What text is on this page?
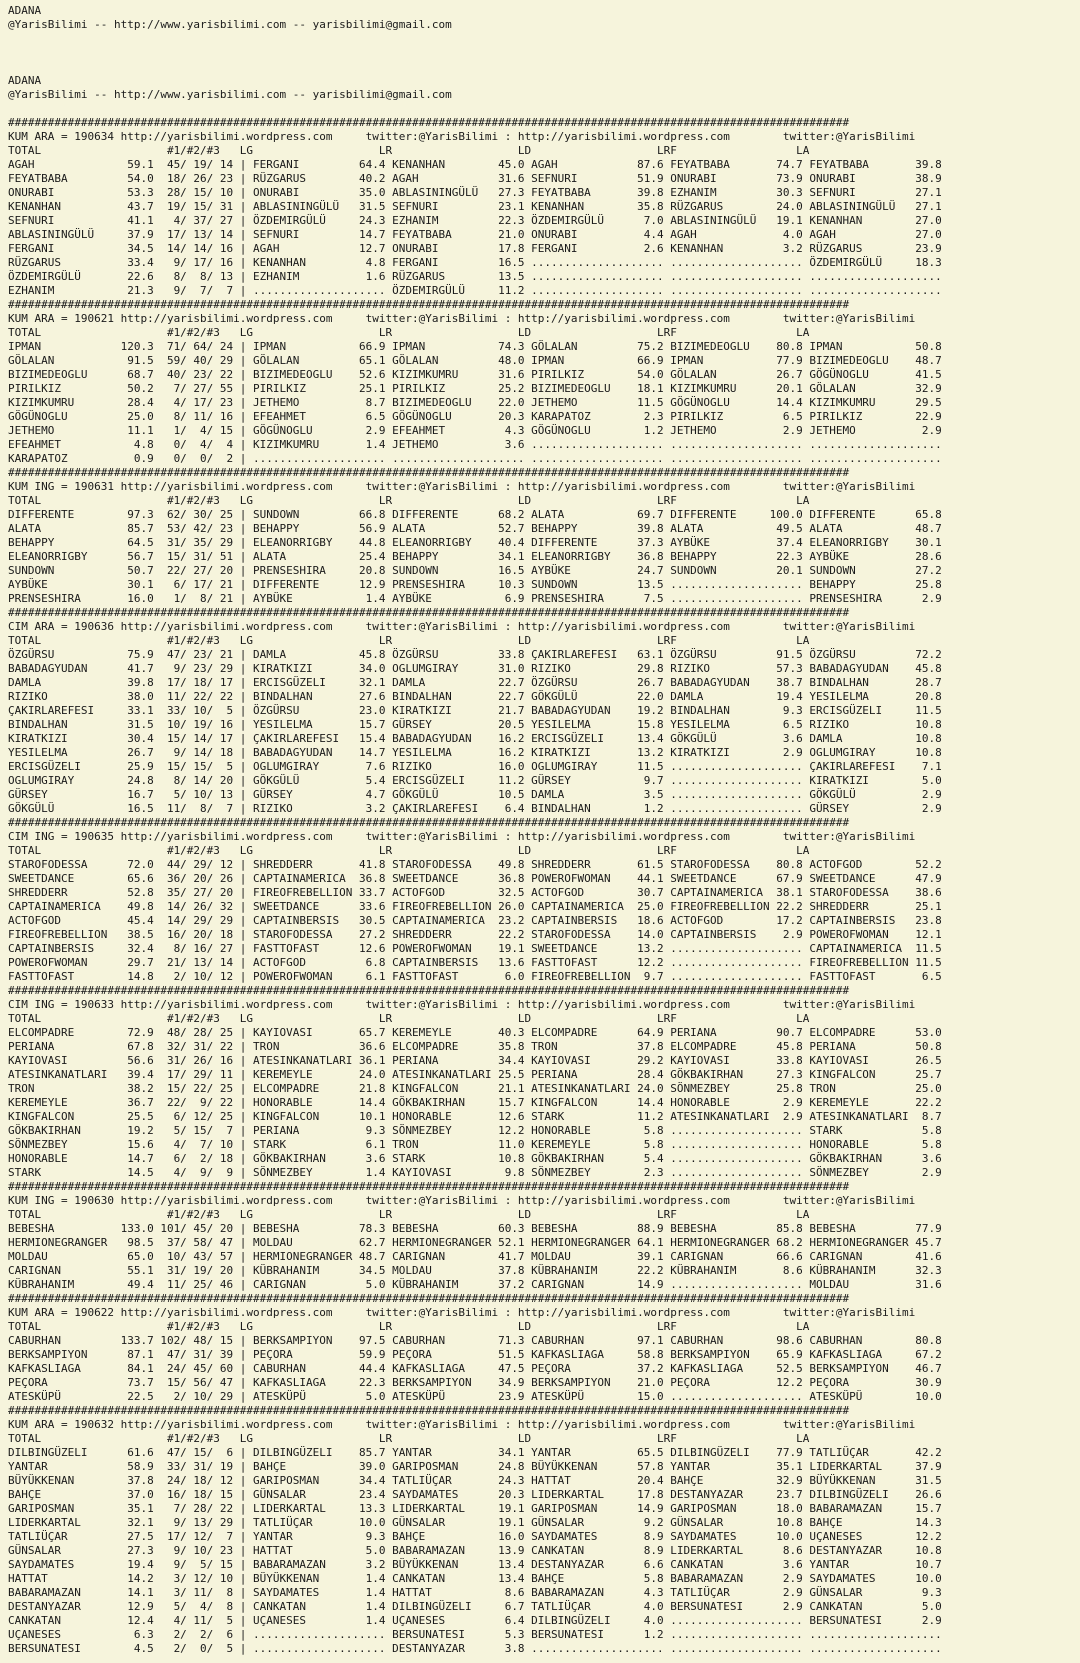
ADANA
@YarisBilimi -- http://www.yarisbilimi.com -- yarisbilimi@gmail.com
ADANA
@YarisBilimi -- http://www.yarisbilimi.com -- yarisbilimi@gmail.com
###############################################################################################################################
KUM ARA = 190634 http://yarisbilimi.wordpress.com     twitter:@YarisBilimi : http://yarisbilimi.wordpress.com        twitter:@YarisBilimi
TOTAL                   #1/#2/#3   LG                   LR                   LD                   LRF                  LA
AGAH              59.1  45/ 19/ 14 | FERGANI         64.4 KENANHAN        45.0 AGAH            87.6 FEYATBABA       74.7 FEYATBABA       39.8
FEYATBABA         54.0  18/ 26/ 23 | RÜZGARUS        40.2 AGAH            31.6 SEFNURI         51.9 ONURABI         73.9 ONURABI         38.9
ONURABI           53.3  28/ 15/ 10 | ONURABI         35.0 ABLASININGÜLÜ   27.3 FEYATBABA       39.8 EZHANIM         30.3 SEFNURI         27.1
KENANHAN          43.7  19/ 15/ 31 | ABLASININGÜLÜ   31.5 SEFNURI         23.1 KENANHAN        35.8 RÜZGARUS        24.0 ABLASININGÜLÜ   27.1
SEFNURI           41.1   4/ 37/ 27 | ÖZDEMIRGÜLÜ     24.3 EZHANIM         22.3 ÖZDEMIRGÜLÜ      7.0 ABLASININGÜLÜ   19.1 KENANHAN        27.0
ABLASININGÜLÜ     37.9  17/ 13/ 14 | SEFNURI         14.7 FEYATBABA       21.0 ONURABI          4.4 AGAH             4.0 AGAH            27.0
FERGANI           34.5  14/ 14/ 16 | AGAH            12.7 ONURABI         17.8 FERGANI          2.6 KENANHAN         3.2 RÜZGARUS        23.9
RÜZGARUS          33.4   9/ 17/ 16 | KENANHAN         4.8 FERGANI         16.5 .................... .................... ÖZDEMIRGÜLÜ     18.3
ÖZDEMIRGÜLÜ       22.6   8/  8/ 13 | EZHANIM          1.6 RÜZGARUS        13.5 .................... .................... ....................
EZHANIM           21.3   9/  7/  7 | .................... ÖZDEMIRGÜLÜ     11.2 .................... .................... ....................
###############################################################################################################################
KUM ARA = 190621 http://yarisbilimi.wordpress.com     twitter:@YarisBilimi : http://yarisbilimi.wordpress.com        twitter:@YarisBilimi
TOTAL                   #1/#2/#3   LG                   LR                   LD                   LRF                  LA
IPMAN            120.3  71/ 64/ 24 | IPMAN           66.9 IPMAN           74.3 GÖLALAN         75.2 BIZIMEDEOGLU    80.8 IPMAN           50.8
GÖLALAN           91.5  59/ 40/ 29 | GÖLALAN         65.1 GÖLALAN         48.0 IPMAN           66.9 IPMAN           77.9 BIZIMEDEOGLU    48.7
BIZIMEDEOGLU      68.7  40/ 23/ 22 | BIZIMEDEOGLU    52.6 KIZIMKUMRU      31.6 PIRILKIZ        54.0 GÖLALAN         26.7 GÖGÜNOGLU       41.5
PIRILKIZ          50.2   7/ 27/ 55 | PIRILKIZ        25.1 PIRILKIZ        25.2 BIZIMEDEOGLU    18.1 KIZIMKUMRU      20.1 GÖLALAN         32.9
KIZIMKUMRU        28.4   4/ 17/ 23 | JETHEMO          8.7 BIZIMEDEOGLU    22.0 JETHEMO         11.5 GÖGÜNOGLU       14.4 KIZIMKUMRU      29.5
GÖGÜNOGLU         25.0   8/ 11/ 16 | EFEAHMET         6.5 GÖGÜNOGLU       20.3 KARAPATOZ        2.3 PIRILKIZ         6.5 PIRILKIZ        22.9
JETHEMO           11.1   1/  4/ 15 | GÖGÜNOGLU        2.9 EFEAHMET         4.3 GÖGÜNOGLU        1.2 JETHEMO          2.9 JETHEMO          2.9
EFEAHMET           4.8   0/  4/  4 | KIZIMKUMRU       1.4 JETHEMO          3.6 .................... .................... ....................
KARAPATOZ          0.9   0/  0/  2 | .................... .................... .................... .................... ....................
###############################################################################################################################
KUM ING = 190631 http://yarisbilimi.wordpress.com     twitter:@YarisBilimi : http://yarisbilimi.wordpress.com        twitter:@YarisBilimi
TOTAL                   #1/#2/#3   LG                   LR                   LD                   LRF                  LA
DIFFERENTE        97.3  62/ 30/ 25 | SUNDOWN         66.8 DIFFERENTE      68.2 ALATA           69.7 DIFFERENTE     100.0 DIFFERENTE      65.8
ALATA             85.7  53/ 42/ 23 | BEHAPPY         56.9 ALATA           52.7 BEHAPPY         39.8 ALATA           49.5 ALATA           48.7
BEHAPPY           64.5  31/ 35/ 29 | ELEANORRIGBY    44.8 ELEANORRIGBY    40.4 DIFFERENTE      37.3 AYBÜKE          37.4 ELEANORRIGBY    30.1
ELEANORRIGBY      56.7  15/ 31/ 51 | ALATA           25.4 BEHAPPY         34.1 ELEANORRIGBY    36.8 BEHAPPY         22.3 AYBÜKE          28.6
SUNDOWN           50.7  22/ 27/ 20 | PRENSESHIRA     20.8 SUNDOWN         16.5 AYBÜKE          24.7 SUNDOWN         20.1 SUNDOWN         27.2
AYBÜKE            30.1   6/ 17/ 21 | DIFFERENTE      12.9 PRENSESHIRA     10.3 SUNDOWN         13.5 .................... BEHAPPY         25.8
PRENSESHIRA       16.0   1/  8/ 21 | AYBÜKE           1.4 AYBÜKE           6.9 PRENSESHIRA      7.5 .................... PRENSESHIRA      2.9
###############################################################################################################################
CIM ARA = 190636 http://yarisbilimi.wordpress.com     twitter:@YarisBilimi : http://yarisbilimi.wordpress.com        twitter:@YarisBilimi
TOTAL                   #1/#2/#3   LG                   LR                   LD                   LRF                  LA
ÖZGÜRSU           75.9  47/ 23/ 21 | DAMLA           45.8 ÖZGÜRSU         33.8 ÇAKIRLAREFESI   63.1 ÖZGÜRSU         91.5 ÖZGÜRSU         72.2
BABADAGYUDAN      41.7   9/ 23/ 29 | KIRATKIZI       34.0 OGLUMGIRAY      31.0 RIZIKO          29.8 RIZIKO          57.3 BABADAGYUDAN    45.8
DAMLA             39.8  17/ 18/ 17 | ERCISGÜZELI     32.1 DAMLA           22.7 ÖZGÜRSU         26.7 BABADAGYUDAN    38.7 BINDALHAN       28.7
RIZIKO            38.0  11/ 22/ 22 | BINDALHAN       27.6 BINDALHAN       22.7 GÖKGÜLÜ         22.0 DAMLA           19.4 YESILELMA       20.8
ÇAKIRLAREFESI     33.1  33/ 10/  5 | ÖZGÜRSU         23.0 KIRATKIZI       21.7 BABADAGYUDAN    19.2 BINDALHAN        9.3 ERCISGÜZELI     11.5
BINDALHAN         31.5  10/ 19/ 16 | YESILELMA       15.7 GÜRSEY          20.5 YESILELMA       15.8 YESILELMA        6.5 RIZIKO          10.8
KIRATKIZI         30.4  15/ 14/ 17 | ÇAKIRLAREFESI   15.4 BABADAGYUDAN    16.2 ERCISGÜZELI     13.4 GÖKGÜLÜ          3.6 DAMLA           10.8
YESILELMA         26.7   9/ 14/ 18 | BABADAGYUDAN    14.7 YESILELMA       16.2 KIRATKIZI       13.2 KIRATKIZI        2.9 OGLUMGIRAY      10.8
ERCISGÜZELI       25.9  15/ 15/  5 | OGLUMGIRAY       7.6 RIZIKO          16.0 OGLUMGIRAY      11.5 .................... ÇAKIRLAREFESI    7.1
OGLUMGIRAY        24.8   8/ 14/ 20 | GÖKGÜLÜ          5.4 ERCISGÜZELI     11.2 GÜRSEY           9.7 .................... KIRATKIZI        5.0
GÜRSEY            16.7   5/ 10/ 13 | GÜRSEY           4.7 GÖKGÜLÜ         10.5 DAMLA            3.5 .................... GÖKGÜLÜ          2.9
GÖKGÜLÜ           16.5  11/  8/  7 | RIZIKO           3.2 ÇAKIRLAREFESI    6.4 BINDALHAN        1.2 .................... GÜRSEY           2.9
###############################################################################################################################
CIM ING = 190635 http://yarisbilimi.wordpress.com     twitter:@YarisBilimi : http://yarisbilimi.wordpress.com        twitter:@YarisBilimi
TOTAL                   #1/#2/#3   LG                   LR                   LD                   LRF                  LA
STAROFODESSA      72.0  44/ 29/ 12 | SHREDDERR       41.8 STAROFODESSA    49.8 SHREDDERR       61.5 STAROFODESSA    80.8 ACTOFGOD        52.2
SWEETDANCE        65.6  36/ 20/ 26 | CAPTAINAMERICA  36.8 SWEETDANCE      36.8 POWEROFWOMAN    44.1 SWEETDANCE      67.9 SWEETDANCE      47.9
SHREDDERR         52.8  35/ 27/ 20 | FIREOFREBELLION 33.7 ACTOFGOD        32.5 ACTOFGOD        30.7 CAPTAINAMERICA  38.1 STAROFODESSA    38.6
CAPTAINAMERICA    49.8  14/ 26/ 32 | SWEETDANCE      33.6 FIREOFREBELLION 26.0 CAPTAINAMERICA  25.0 FIREOFREBELLION 22.2 SHREDDERR       25.1
ACTOFGOD          45.4  14/ 29/ 29 | CAPTAINBERSIS   30.5 CAPTAINAMERICA  23.2 CAPTAINBERSIS   18.6 ACTOFGOD        17.2 CAPTAINBERSIS   23.8
FIREOFREBELLION   38.5  16/ 20/ 18 | STAROFODESSA    27.2 SHREDDERR       22.2 STAROFODESSA    14.0 CAPTAINBERSIS    2.9 POWEROFWOMAN    12.1
CAPTAINBERSIS     32.4   8/ 16/ 27 | FASTTOFAST      12.6 POWEROFWOMAN    19.1 SWEETDANCE      13.2 .................... CAPTAINAMERICA  11.5
POWEROFWOMAN      29.7  21/ 13/ 14 | ACTOFGOD         6.8 CAPTAINBERSIS   13.6 FASTTOFAST      12.2 .................... FIREOFREBELLION 11.5
FASTTOFAST        14.8   2/ 10/ 12 | POWEROFWOMAN     6.1 FASTTOFAST       6.0 FIREOFREBELLION  9.7 .................... FASTTOFAST       6.5
###############################################################################################################################
CIM ING = 190633 http://yarisbilimi.wordpress.com     twitter:@YarisBilimi : http://yarisbilimi.wordpress.com        twitter:@YarisBilimi
TOTAL                   #1/#2/#3   LG                   LR                   LD                   LRF                  LA
ELCOMPADRE        72.9  48/ 28/ 25 | KAYIOVASI       65.7 KEREMEYLE       40.3 ELCOMPADRE      64.9 PERIANA         90.7 ELCOMPADRE      53.0
PERIANA           67.8  32/ 31/ 22 | TRON            36.6 ELCOMPADRE      35.8 TRON            37.8 ELCOMPADRE      45.8 PERIANA         50.8
KAYIOVASI         56.6  31/ 26/ 16 | ATESINKANATLARI 36.1 PERIANA         34.4 KAYIOVASI       29.2 KAYIOVASI       33.8 KAYIOVASI       26.5
ATESINKANATLARI   39.4  17/ 29/ 11 | KEREMEYLE       24.0 ATESINKANATLARI 25.5 PERIANA         28.4 GÖKBAKIRHAN     27.3 KINGFALCON      25.7
TRON              38.2  15/ 22/ 25 | ELCOMPADRE      21.8 KINGFALCON      21.1 ATESINKANATLARI 24.0 SÖNMEZBEY       25.8 TRON            25.0
KEREMEYLE         36.7  22/  9/ 22 | HONORABLE       14.4 GÖKBAKIRHAN     15.7 KINGFALCON      14.4 HONORABLE        2.9 KEREMEYLE       22.2
KINGFALCON        25.5   6/ 12/ 25 | KINGFALCON      10.1 HONORABLE       12.6 STARK           11.2 ATESINKANATLARI  2.9 ATESINKANATLARI  8.7
GÖKBAKIRHAN       19.2   5/ 15/  7 | PERIANA          9.3 SÖNMEZBEY       12.2 HONORABLE        5.8 .................... STARK            5.8
SÖNMEZBEY         15.6   4/  7/ 10 | STARK            6.1 TRON            11.0 KEREMEYLE        5.8 .................... HONORABLE        5.8
HONORABLE         14.7   6/  2/ 18 | GÖKBAKIRHAN      3.6 STARK           10.8 GÖKBAKIRHAN      5.4 .................... GÖKBAKIRHAN      3.6
STARK             14.5   4/  9/  9 | SÖNMEZBEY        1.4 KAYIOVASI        9.8 SÖNMEZBEY        2.3 .................... SÖNMEZBEY        2.9
###############################################################################################################################
KUM ING = 190630 http://yarisbilimi.wordpress.com     twitter:@YarisBilimi : http://yarisbilimi.wordpress.com        twitter:@YarisBilimi
TOTAL                   #1/#2/#3   LG                   LR                   LD                   LRF                  LA
BEBESHA          133.0 101/ 45/ 20 | BEBESHA         78.3 BEBESHA         60.3 BEBESHA         88.9 BEBESHA         85.8 BEBESHA         77.9
HERMIONEGRANGER   98.5  37/ 58/ 47 | MOLDAU          62.7 HERMIONEGRANGER 52.1 HERMIONEGRANGER 64.1 HERMIONEGRANGER 68.2 HERMIONEGRANGER 45.7
MOLDAU            65.0  10/ 43/ 57 | HERMIONEGRANGER 48.7 CARIGNAN        41.7 MOLDAU          39.1 CARIGNAN        66.6 CARIGNAN        41.6
CARIGNAN          55.1  31/ 19/ 20 | KÜBRAHANIM      34.5 MOLDAU          37.8 KÜBRAHANIM      22.2 KÜBRAHANIM       8.6 KÜBRAHANIM      32.3
KÜBRAHANIM        49.4  11/ 25/ 46 | CARIGNAN         5.0 KÜBRAHANIM      37.2 CARIGNAN        14.9 .................... MOLDAU          31.6
###############################################################################################################################
KUM ARA = 190622 http://yarisbilimi.wordpress.com     twitter:@YarisBilimi : http://yarisbilimi.wordpress.com        twitter:@YarisBilimi
TOTAL                   #1/#2/#3   LG                   LR                   LD                   LRF                  LA
CABURHAN         133.7 102/ 48/ 15 | BERKSAMPIYON    97.5 CABURHAN        71.3 CABURHAN        97.1 CABURHAN        98.6 CABURHAN        80.8
BERKSAMPIYON      87.1  47/ 31/ 39 | PEÇORA          59.9 PEÇORA          51.5 KAFKASLIAGA     58.8 BERKSAMPIYON    65.9 KAFKASLIAGA     67.2
KAFKASLIAGA       84.1  24/ 45/ 60 | CABURHAN        44.4 KAFKASLIAGA     47.5 PEÇORA          37.2 KAFKASLIAGA     52.5 BERKSAMPIYON    46.7
PEÇORA            73.7  15/ 56/ 47 | KAFKASLIAGA     22.3 BERKSAMPIYON    34.9 BERKSAMPIYON    21.0 PEÇORA          12.2 PEÇORA          30.9
ATESKÜPÜ          22.5   2/ 10/ 29 | ATESKÜPÜ         5.0 ATESKÜPÜ        23.9 ATESKÜPÜ        15.0 .................... ATESKÜPÜ        10.0
###############################################################################################################################
KUM ARA = 190632 http://yarisbilimi.wordpress.com     twitter:@YarisBilimi : http://yarisbilimi.wordpress.com        twitter:@YarisBilimi
TOTAL                   #1/#2/#3   LG                   LR                   LD                   LRF                  LA
DILBINGÜZELI      61.6  47/ 15/  6 | DILBINGÜZELI    85.7 YANTAR          34.1 YANTAR          65.5 DILBINGÜZELI    77.9 TATLIÜÇAR       42.2
YANTAR            58.9  33/ 31/ 19 | BAHÇE           39.0 GARIPOSMAN      24.8 BÜYÜKKENAN      57.8 YANTAR          35.1 LIDERKARTAL     37.9
BÜYÜKKENAN        37.8  24/ 18/ 12 | GARIPOSMAN      34.4 TATLIÜÇAR       24.3 HATTAT          20.4 BAHÇE           32.9 BÜYÜKKENAN      31.5
BAHÇE             37.0  16/ 18/ 15 | GÜNSALAR        23.4 SAYDAMATES      20.3 LIDERKARTAL     17.8 DESTANYAZAR     23.7 DILBINGÜZELI    26.6
GARIPOSMAN        35.1   7/ 28/ 22 | LIDERKARTAL     13.3 LIDERKARTAL     19.1 GARIPOSMAN      14.9 GARIPOSMAN      18.0 BABARAMAZAN     15.7
LIDERKARTAL       32.1   9/ 13/ 29 | TATLIÜÇAR       10.0 GÜNSALAR        19.1 GÜNSALAR         9.2 GÜNSALAR        10.8 BAHÇE           14.3
TATLIÜÇAR         27.5  17/ 12/  7 | YANTAR           9.3 BAHÇE           16.0 SAYDAMATES       8.9 SAYDAMATES      10.0 UÇANESES        12.2
GÜNSALAR          27.3   9/ 10/ 23 | HATTAT           5.0 BABARAMAZAN     13.9 CANKATAN         8.9 LIDERKARTAL      8.6 DESTANYAZAR     10.8
SAYDAMATES        19.4   9/  5/ 15 | BABARAMAZAN      3.2 BÜYÜKKENAN      13.4 DESTANYAZAR      6.6 CANKATAN         3.6 YANTAR          10.7
HATTAT            14.2   3/ 12/ 10 | BÜYÜKKENAN       1.4 CANKATAN        13.4 BAHÇE            5.8 BABARAMAZAN      2.9 SAYDAMATES      10.0
BABARAMAZAN       14.1   3/ 11/  8 | SAYDAMATES       1.4 HATTAT           8.6 BABARAMAZAN      4.3 TATLIÜÇAR        2.9 GÜNSALAR         9.3
DESTANYAZAR       12.9   5/  4/  8 | CANKATAN         1.4 DILBINGÜZELI     6.7 TATLIÜÇAR        4.0 BERSUNATESI      2.9 CANKATAN         5.0
CANKATAN          12.4   4/ 11/  5 | UÇANESES         1.4 UÇANESES         6.4 DILBINGÜZELI     4.0 .................... BERSUNATESI      2.9
UÇANESES           6.3   2/  2/  6 | .................... BERSUNATESI      5.3 BERSUNATESI      1.2 .................... ....................
BERSUNATESI        4.5   2/  0/  5 | .................... DESTANYAZAR      3.8 .................... .................... ....................
